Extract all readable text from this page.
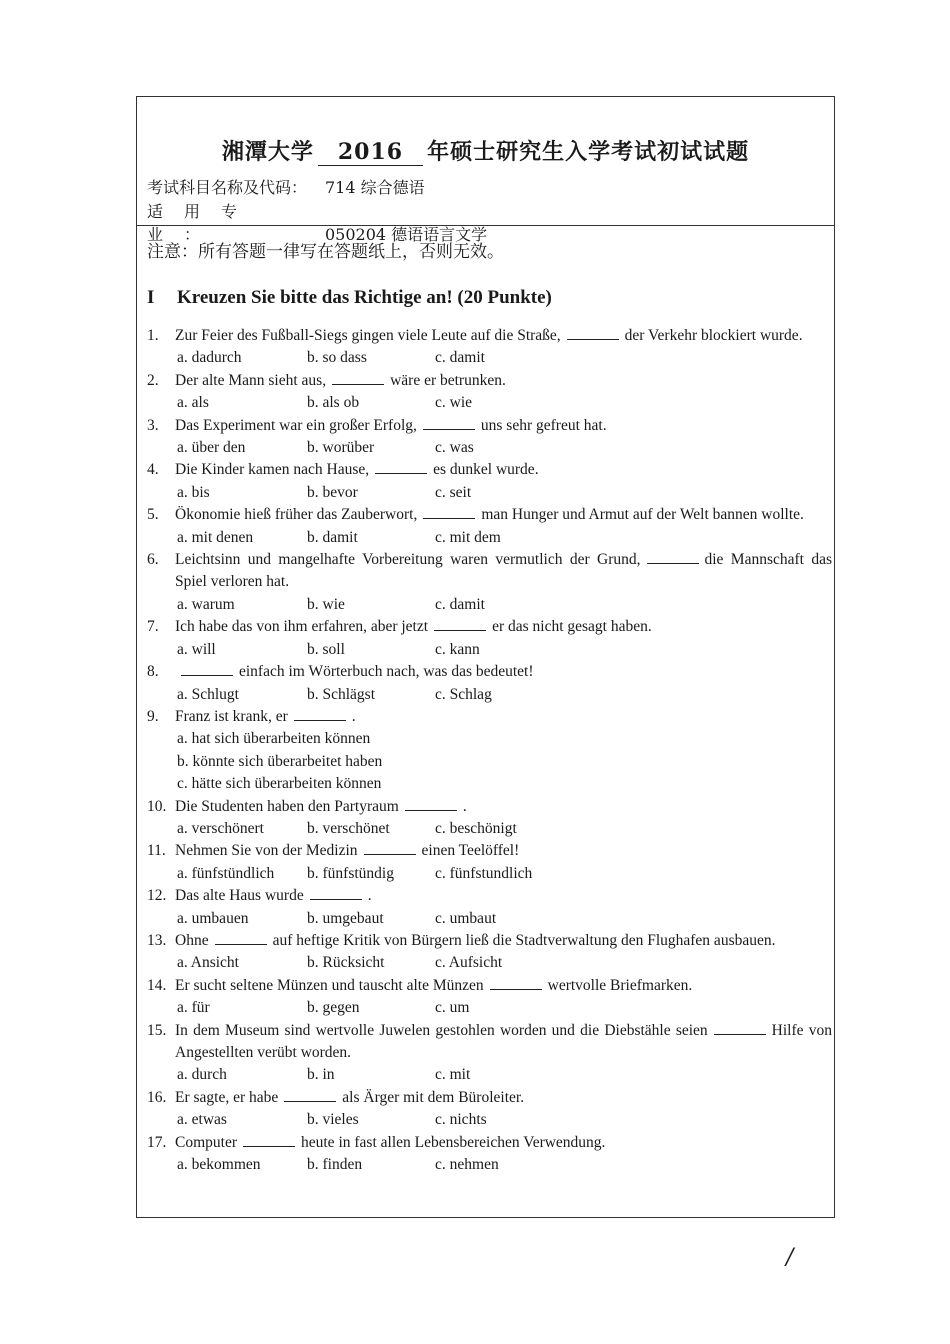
湘潭大学 2016 年硕士研究生入学考试初试试题
考试科目名称及代码： 714 综合德语
适用专业：	050204 德语语言文学
注意：所有答题一律写在答题纸上，否则无效。
I Kreuzen Sie bitte das Richtige an! (20 Punkte)
1.	Zur Feier des Fußball-Siegs gingen viele Leute auf die Straße,	der Verkehr blockiert wurde.
a. dadurch	b. so dass	c. damit
2.	Der alte Mann sieht aus,	wäre er betrunken.
a. als	b. als ob	c. wie
3.	Das Experiment war ein großer Erfolg,	uns sehr gefreut hat.
a. über den	b. worüber	c. was
4.	Die Kinder kamen nach Hause,	es dunkel wurde.
a. bis	b. bevor	c. seit
5.	Ökonomie hieß früher das Zauberwort,	man Hunger und Armut auf der Welt bannen wollte.
a. mit denen	b. damit	c. mit dem
6.	Leichtsinn und mangelhafte Vorbereitung waren vermutlich der Grund,	die Mannschaft das Spiel verloren hat.
a. warum	b. wie	c. damit
7.	Ich habe das von ihm erfahren, aber jetzt	er das nicht gesagt haben.
a. will	b. soll	c. kann
8.	einfach im Wörterbuch nach, was das bedeutet!
a. Schlugt	b. Schlägst	c. Schlag
9.	Franz ist krank, er	.
a. hat sich überarbeiten können
b. könnte sich überarbeitet haben
c. hätte sich überarbeiten können
10. Die Studenten haben den Partyraum	.
a. verschönert	b. verschönet	c. beschönigt
11. Nehmen Sie von der Medizin	einen Teelöffel!
a. fünfstündlich	b. fünfstündig	c. fünfstundlich
12. Das alte Haus wurde	.
a. umbauen	b. umgebaut	c. umbaut
13. Ohne	auf heftige Kritik von Bürgern ließ die Stadtverwaltung den Flughafen ausbauen.
a. Ansicht	b. Rücksicht	c. Aufsicht
14. Er sucht seltene Münzen und tauscht alte Münzen	wertvolle Briefmarken.
a. für	b. gegen	c. um
15. In dem Museum sind wertvolle Juwelen gestohlen worden und die Diebstähle seien	Hilfe von Angestellten verübt worden.
a. durch	b. in	c. mit
16. Er sagte, er habe	als Ärger mit dem Büroleiter.
a. etwas	b. vieles	c. nichts
17. Computer	heute in fast allen Lebensbereichen Verwendung.
a. bekommen	b. finden	c. nehmen
/
